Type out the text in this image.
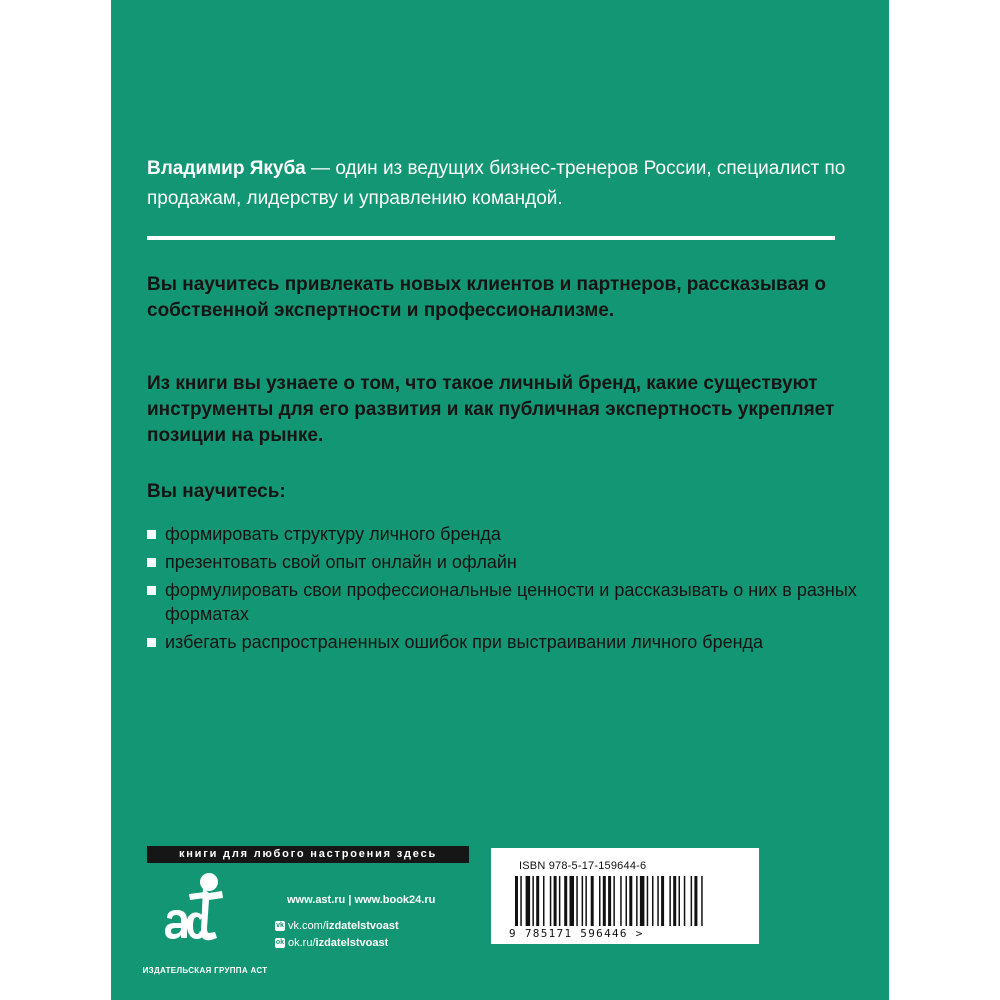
Владимир Якуба — один из ведущих бизнес-тренеров России, специалист по продажам, лидерству и управлению командой.

Вы научитесь привлекать новых клиентов и партнеров, рассказывая о собственной экспертности и профессионализме.

Из книги вы узнаете о том, что такое личный бренд, какие существуют инструменты для его развития и как публичная экспертность укрепляет позиции на рынке.

Вы научитесь:

формировать структуру личного бренда
презентовать свой опыт онлайн и офлайн
формулировать свои профессиональные ценности и рассказывать о них в разных форматах
избегать распространенных ошибок при выстраивании личного бренда
книги для любого настроения здесь
ИЗДАТЕЛЬСКАЯ ГРУППА АСТ
www.ast.ru | www.book24.ru
vk vk.com/ izdatelstvoast
ok ok.ru/ izdatelstvoast
ISBN 978-5-17-159644-6
9 785171 596446 >
